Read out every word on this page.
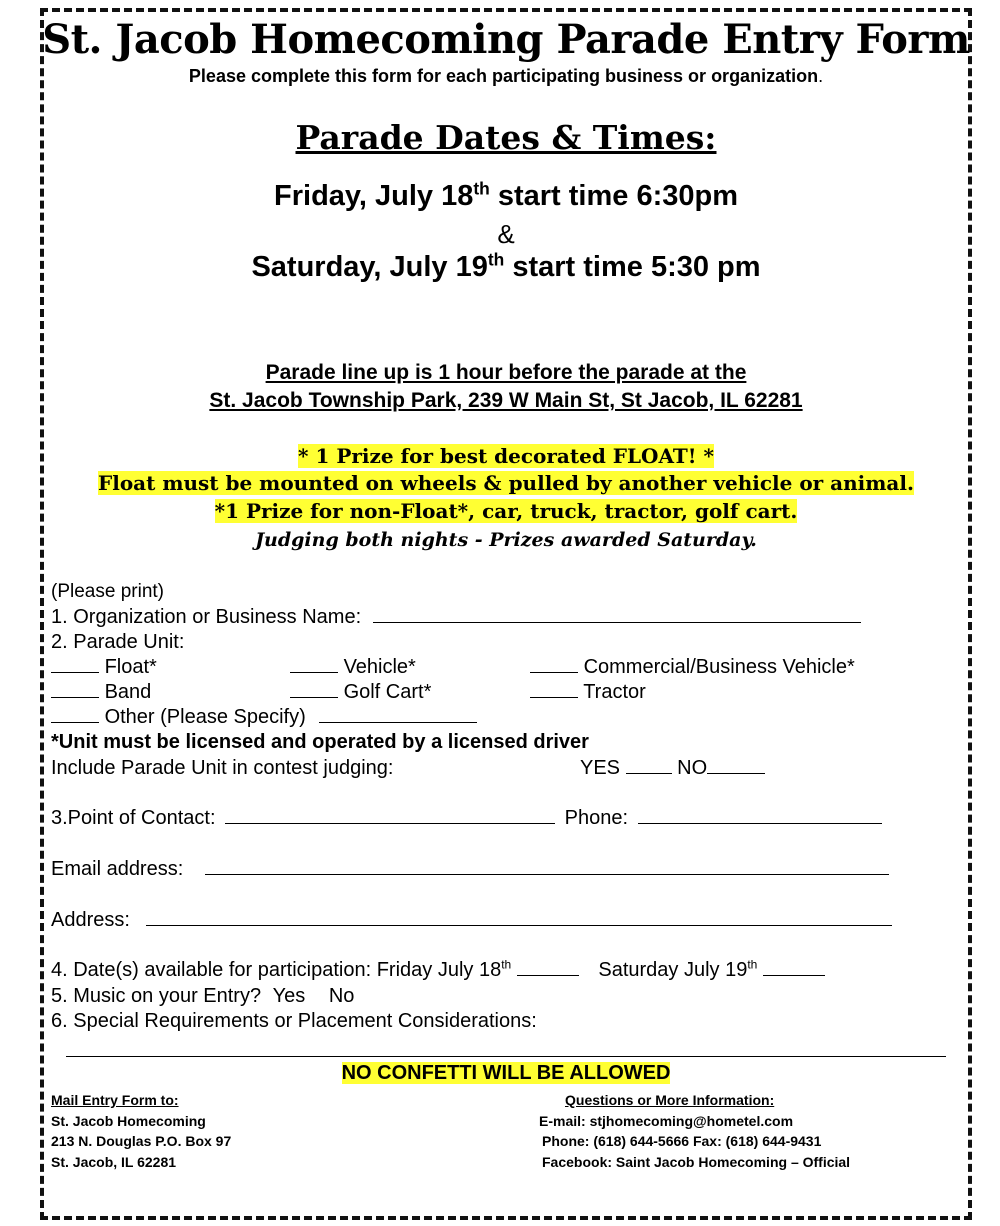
St. Jacob Homecoming Parade Entry Form
Please complete this form for each participating business or organization.
Parade Dates & Times:
Friday, July 18th start time 6:30pm
&
Saturday, July 19th start time 5:30 pm
Parade line up is 1 hour before the parade at the
St. Jacob Township Park, 239 W Main St, St Jacob, IL 62281
* 1 Prize for best decorated FLOAT! *
Float must be mounted on wheels & pulled by another vehicle or animal.
*1 Prize for non-Float*, car, truck, tractor, golf cart.
Judging both nights - Prizes awarded Saturday.
(Please print)
1. Organization or Business Name:
2. Parade Unit:
Float*	Vehicle*	Commercial/Business Vehicle*
Band	Golf Cart*	Tractor
Other (Please Specify)
*Unit must be licensed and operated by a licensed driver
Include Parade Unit in contest judging:	YES	NO
3.Point of Contact:	Phone:
Email address:
Address:
4. Date(s) available for participation: Friday July 18th	Saturday July 19th
5. Music on your Entry? Yes No
6. Special Requirements or Placement Considerations:
NO CONFETTI WILL BE ALLOWED
Mail Entry Form to:
St. Jacob Homecoming
213 N. Douglas P.O. Box 97
St. Jacob, IL 62281
Questions or More Information:
E-mail: stjhomecoming@hometel.com
Phone: (618) 644-5666 Fax: (618) 644-9431
Facebook: Saint Jacob Homecoming – Official
